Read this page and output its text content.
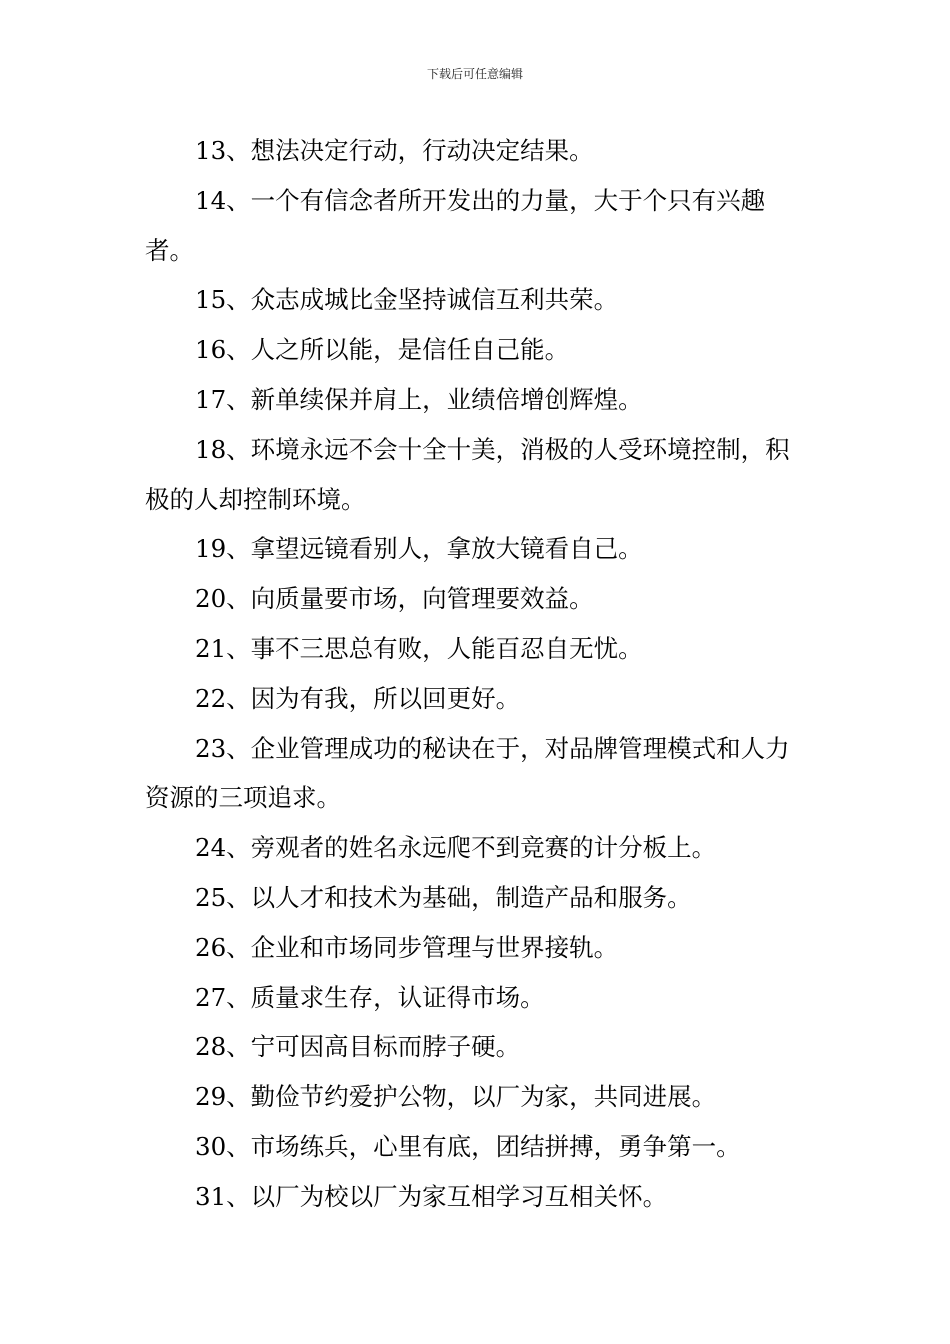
下载后可任意编辑

13、想法决定行动，行动决定结果。

14、一个有信念者所开发出的力量，大于个只有兴趣者。

15、众志成城比金坚持诚信互利共荣。

16、人之所以能，是信任自己能。

17、新单续保并肩上，业绩倍增创辉煌。

18、环境永远不会十全十美，消极的人受环境控制，积极的人却控制环境。

19、拿望远镜看别人，拿放大镜看自己。

20、向质量要市场，向管理要效益。

21、事不三思总有败，人能百忍自无忧。

22、因为有我，所以回更好。

23、企业管理成功的秘诀在于，对品牌管理模式和人力资源的三项追求。

24、旁观者的姓名永远爬不到竞赛的计分板上。

25、以人才和技术为基础，制造产品和服务。

26、企业和市场同步管理与世界接轨。

27、质量求生存，认证得市场。

28、宁可因高目标而脖子硬。

29、勤俭节约爱护公物，以厂为家，共同进展。

30、市场练兵，心里有底，团结拼搏，勇争第一。

31、以厂为校以厂为家互相学习互相关怀。
